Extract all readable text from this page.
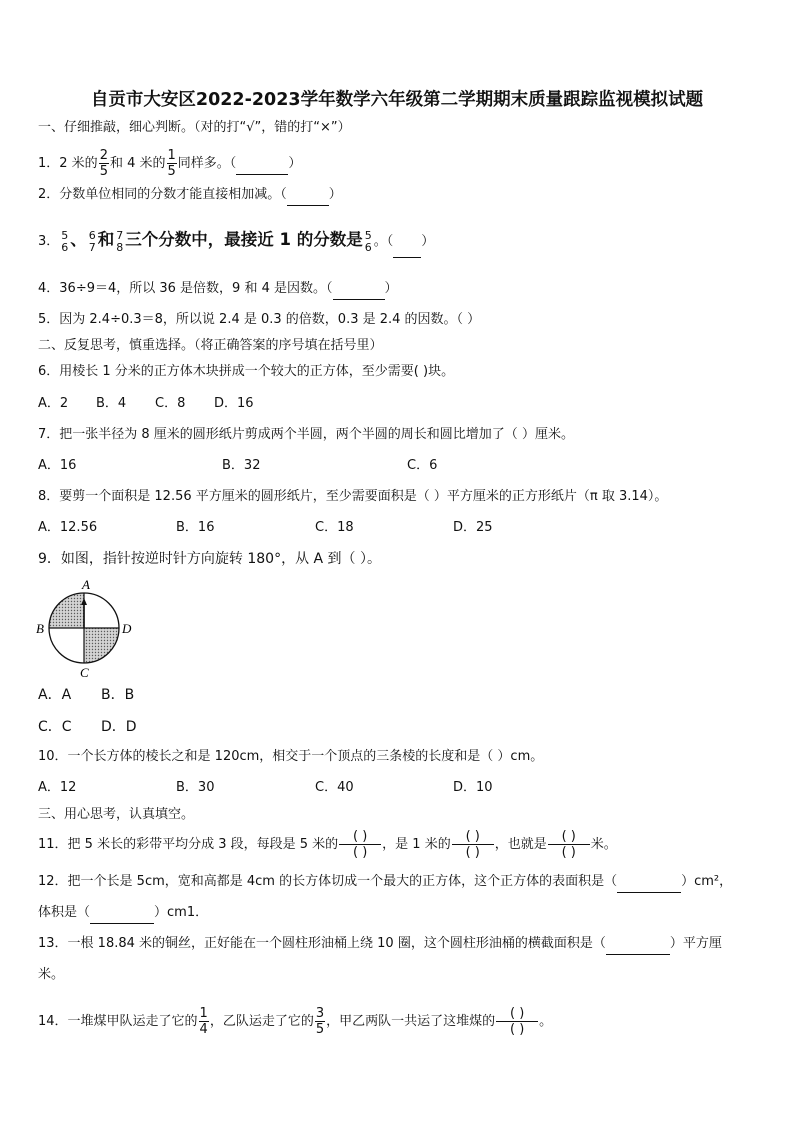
自贡市大安区2022-2023学年数学六年级第二学期期末质量跟踪监视模拟试题
一、仔细推敲，细心判断。（对的打“√”，错的打“×”）
1．2 米的 $\frac{2}{5}$ 和 4 米的 $\frac{1}{5}$ 同样多。（	）
2．分数单位相同的分数才能直接相加减。（	）
3． 5
6 、 6
7 和 7
8 三个分数中，最接近 1 的分数是 5
6 。（ ）
4．36÷9＝4，所以 36 是倍数，9 和 4 是因数。（	）
5．因为 2.4÷0.3＝8，所以说 2.4 是 0.3 的倍数，0.3 是 2.4 的因数。（ ）
二、反复思考，慎重选择。（将正确答案的序号填在括号里）
6．用棱长 1 分米的正方体木块拼成一个较大的正方体，至少需要( )块。
A．2 B．4 C．8 D．16
7．把一张半径为 8 厘米的圆形纸片剪成两个半圆，两个半圆的周长和圆比增加了（ ）厘米。
A．16	B．32	C．6
8．要剪一个面积是 12.56 平方厘米的圆形纸片，至少需要面积是（ ）平方厘米的正方形纸片（π 取 3.14）。
A．12.56	B．16	C．18	D．25
9．如图，指针按逆时针方向旋转 180°，从 A 到（ ）。
A
B	D
C
A．A B．B
C．C D．D
10．一个长方体的棱长之和是 120cm，相交于一个顶点的三条棱的长度和是（ ）cm。
A．12	B．30	C．40	D．10
三、用心思考，认真填空。
11．把 5 米长的彩带平均分成 3 段，每段是 5 米的 $\frac{( )}{( )}$ ，是 1 米的 $\frac{( )}{( )}$ ，也就是 $\frac{( )}{( )}$ 米。
12．把一个长是 5cm，宽和高都是 4cm 的长方体切成一个最大的正方体，这个正方体的表面积是（	）cm²，
体积是（	）cm1．
13．一根 18.84 米的铜丝，正好能在一个圆柱形油桶上绕 10 圈，这个圆柱形油桶的横截面积是（	）平方厘
米。
14．一堆煤甲队运走了它的 $\frac{1}{4}$ ，乙队运走了它的 $\frac{3}{5}$ ，甲乙两队一共运了这堆煤的 $\frac{( )}{( )}$ 。
